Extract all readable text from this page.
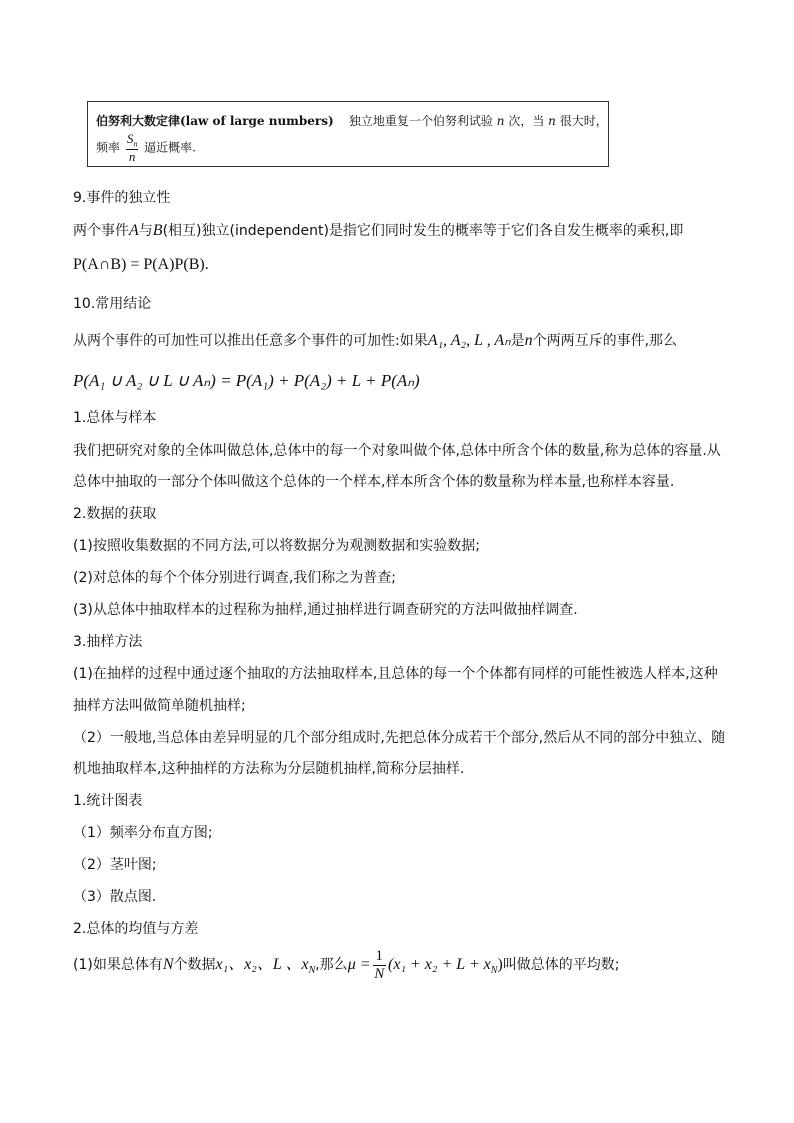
伯努利大数定律(law of large numbers) 独立地重复一个伯努利试验 n 次，当 n 很大时，
频率 $\frac{S_n}{n}$ 逼近概率.
9.事件的独立性
两个事件A与B(相互)独立(independent)是指它们同时发生的概率等于它们各自发生概率的乘积,即
P(A∩B) = P(A)P(B).
10.常用结论
从两个事件的可加性可以推出任意多个事件的可加性:如果A₁, A₂, L , Aₙ是n个两两互斥的事件,那么
P(A₁ ∪ A₂ ∪ L ∪ Aₙ) = P(A₁) + P(A₂) + L + P(Aₙ)
1.总体与样本
我们把研究对象的全体叫做总体,总体中的每一个对象叫做个体,总体中所含个体的数量,称为总体的容量.从
总体中抽取的一部分个体叫做这个总体的一个样本,样本所含个体的数量称为样本量,也称样本容量.
2.数据的获取
(1)按照收集数据的不同方法,可以将数据分为观测数据和实验数据;
(2)对总体的每个个体分别进行调查,我们称之为普查;
(3)从总体中抽取样本的过程称为抽样,通过抽样进行调查研究的方法叫做抽样调查.
3.抽样方法
(1)在抽样的过程中通过逐个抽取的方法抽取样本,且总体的每一个个体都有同样的可能性被选人样本,这种
抽样方法叫做简单随机抽样;
（2）一般地,当总体由差异明显的几个部分组成时,先把总体分成若干个部分,然后从不同的部分中独立、随
机地抽取样本,这种抽样的方法称为分层随机抽样,简称分层抽样.
1.统计图表
（1）频率分布直方图;
（2）茎叶图;
（3）散点图.
2.总体的均值与方差
(1)如果总体有N个数据x₁、x₂、L 、$x_N$,那么$\mu = \frac{1}{N} (x_1 + x_2 + L + x_N)$叫做总体的平均数;
